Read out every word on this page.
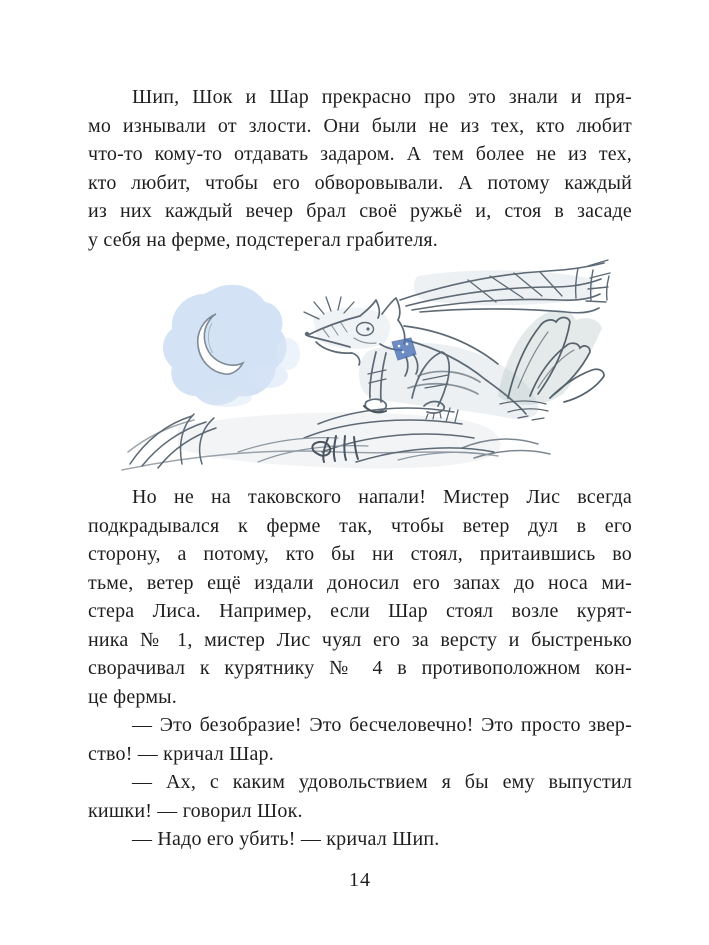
Шип, Шок и Шар прекрасно про это знали и пря-
мо изнывали от злости. Они были не из тех, кто любит
что-то кому-то отдавать задаром. А тем более не из тех,
кто любит, чтобы его обворовывали. А потому каждый
из них каждый вечер брал своё ружьё и, стоя в засаде
у себя на ферме, подстерегал грабителя.

Но не на таковского напали! Мистер Лис всегда
подкрадывался к ферме так, чтобы ветер дул в его
сторону, а потому, кто бы ни стоял, притаившись во
тьме, ветер ещё издали доносил его запах до носа ми-
стера Лиса. Например, если Шар стоял возле курят-
ника № 1, мистер Лис чуял его за версту и быстренько
сворачивал к курятнику № 4 в противоположном кон-
це фермы.

— Это безобразие! Это бесчеловечно! Это просто звер-
ство! — кричал Шар.

— Ах, с каким удовольствием я бы ему выпустил
кишки! — говорил Шок.

— Надо его убить! — кричал Шип.

14
